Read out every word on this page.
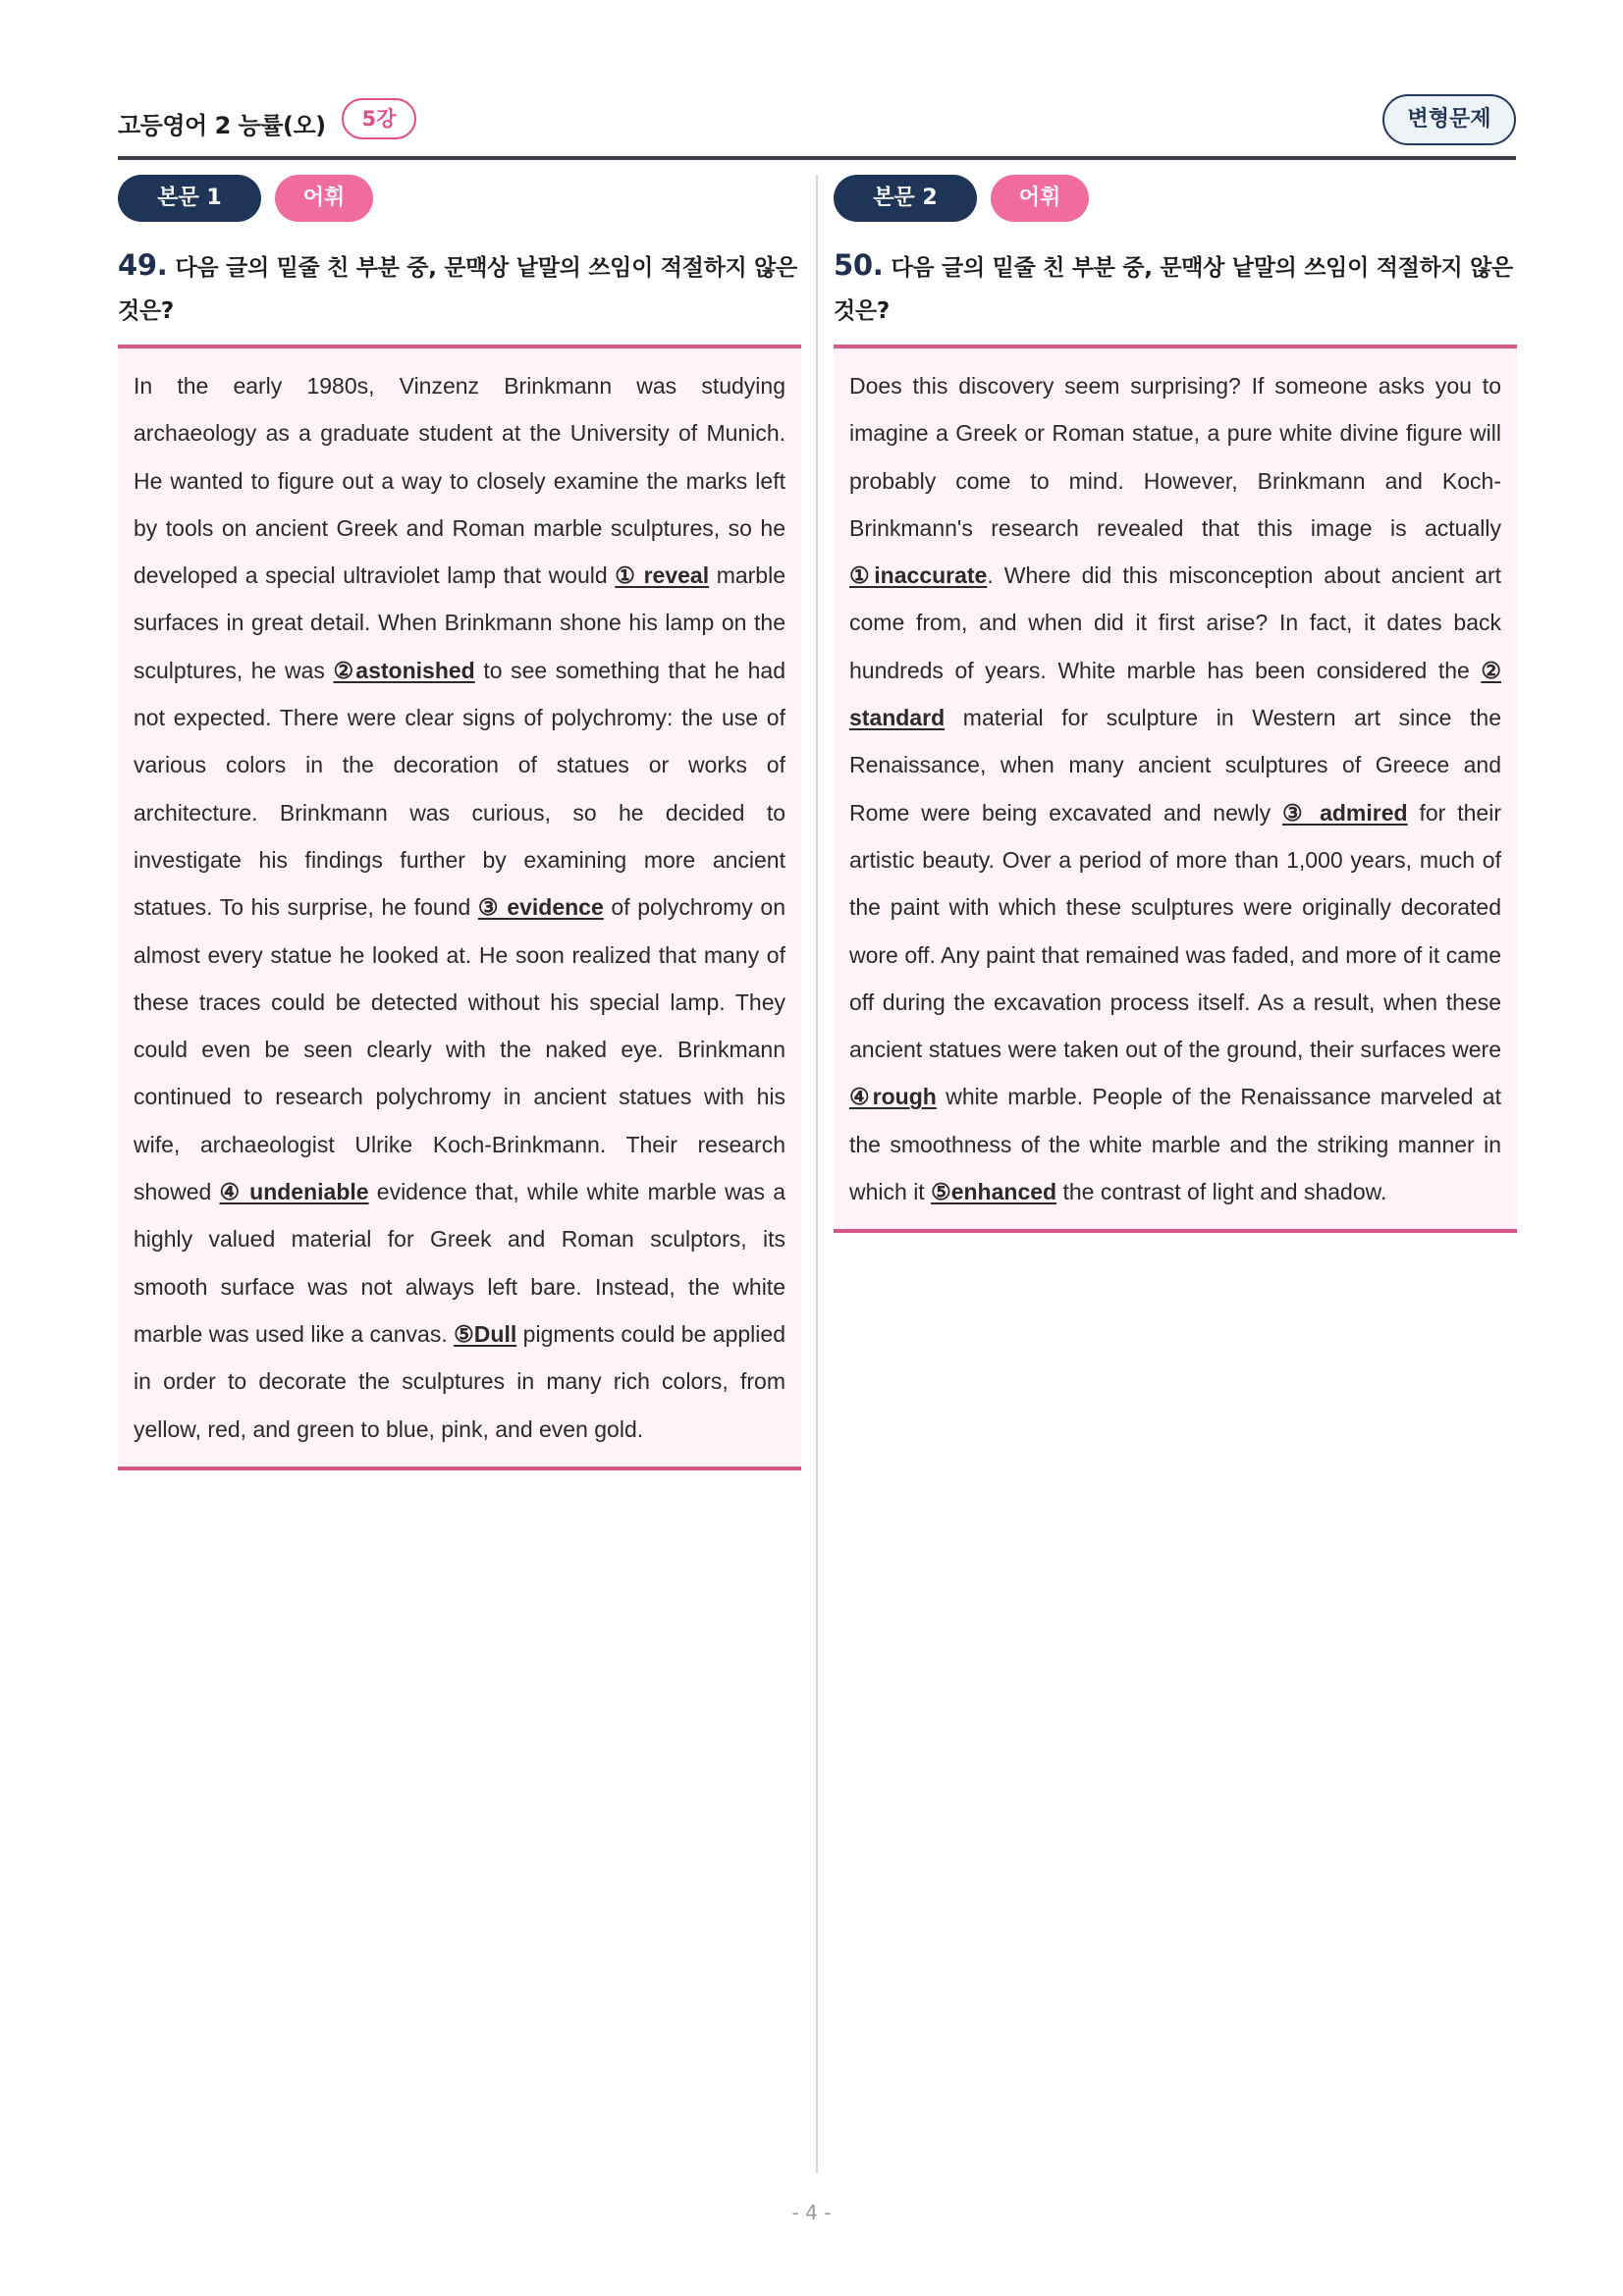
고등영어 2 능률(오)	5강	변형문제
본문 1	어휘
49. 다음 글의 밑줄 친 부분 중, 문맥상 낱말의 쓰임이 적절하지 않은 것은?

In the early 1980s, Vinzenz Brinkmann was studying archaeology as a graduate student at the University of Munich. He wanted to figure out a way to closely examine the marks left by tools on ancient Greek and Roman marble sculptures, so he developed a special ultraviolet lamp that would ① reveal marble surfaces in great detail. When Brinkmann shone his lamp on the sculptures, he was ②astonished to see something that he had not expected. There were clear signs of polychromy: the use of various colors in the decoration of statues or works of architecture. Brinkmann was curious, so he decided to investigate his findings further by examining more ancient statues. To his surprise, he found ③ evidence of polychromy on almost every statue he looked at. He soon realized that many of these traces could be detected without his special lamp. They could even be seen clearly with the naked eye. Brinkmann continued to research polychromy in ancient statues with his wife, archaeologist Ulrike Koch-Brinkmann. Their research showed ④ undeniable evidence that, while white marble was a highly valued material for Greek and Roman sculptors, its smooth surface was not always left bare. Instead, the white marble was used like a canvas. ⑤Dull pigments could be applied in order to decorate the sculptures in many rich colors, from yellow, red, and green to blue, pink, and even gold.

본문 2	어휘
50. 다음 글의 밑줄 친 부분 중, 문맥상 낱말의 쓰임이 적절하지 않은 것은?

Does this discovery seem surprising? If someone asks you to imagine a Greek or Roman statue, a pure white divine figure will probably come to mind. However, Brinkmann and Koch-Brinkmann's research revealed that this image is actually ①inaccurate. Where did this misconception about ancient art come from, and when did it first arise? In fact, it dates back hundreds of years. White marble has been considered the ② standard material for sculpture in Western art since the Renaissance, when many ancient sculptures of Greece and Rome were being excavated and newly ③ admired for their artistic beauty. Over a period of more than 1,000 years, much of the paint with which these sculptures were originally decorated wore off. Any paint that remained was faded, and more of it came off during the excavation process itself. As a result, when these ancient statues were taken out of the ground, their surfaces were ④rough white marble. People of the Renaissance marveled at the smoothness of the white marble and the striking manner in which it ⑤enhanced the contrast of light and shadow.

- 4 -
